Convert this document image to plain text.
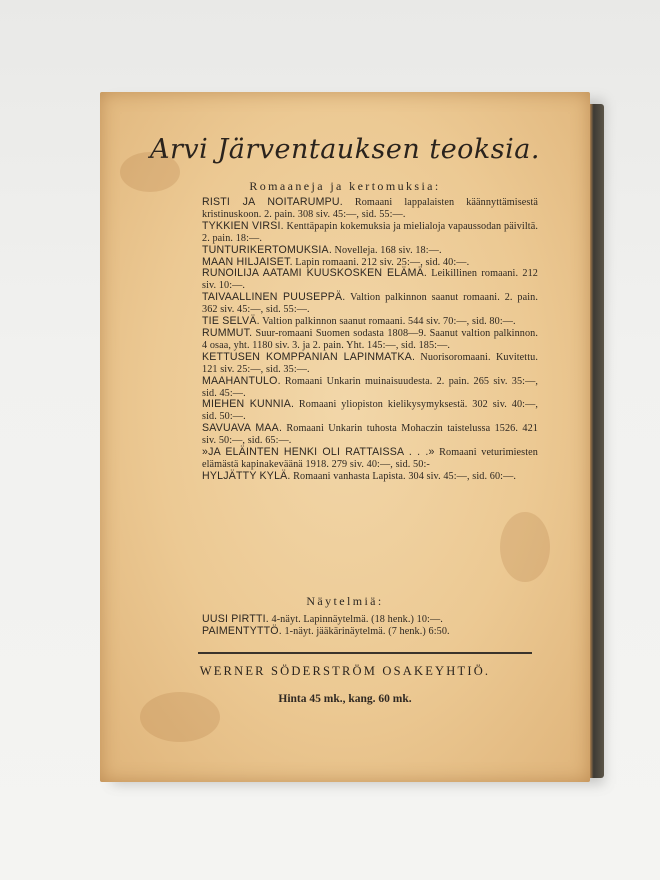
Arvi Järventauksen teoksia.
Romaaneja ja kertomuksia:

RISTI JA NOITARUMPU. Romaani lappalaisten käännyttämisestä kristinuskoon. 2. pain. 308 siv. 45:—, sid. 55:—.

TYKKIEN VIRSI. Kenttäpapin kokemuksia ja mielialoja vapaussodan päiviltä. 2. pain. 18:—.

TUNTURIKERTOMUKSIA. Novelleja. 168 siv. 18:—.

MAAN HILJAISET. Lapin romaani. 212 siv. 25:—, sid. 40:—.

RUNOILIJA AATAMI KUUSKOSKEN ELÄMÄ. Leikillinen romaani. 212 siv. 10:—.

TAIVAALLINEN PUUSEPPÄ. Valtion palkinnon saanut romaani. 2. pain. 362 siv. 45:—, sid. 55:—.

TIE SELVÄ. Valtion palkinnon saanut romaani. 544 siv. 70:—, sid. 80:—.

RUMMUT. Suur-romaani Suomen sodasta 1808—9. Saanut valtion palkinnon. 4 osaa, yht. 1180 siv. 3. ja 2. pain. Yht. 145:—, sid. 185:—.

KETTUSEN KOMPPANIAN LAPINMATKA. Nuorisoromaani. Kuvitettu. 121 siv. 25:—, sid. 35:—.

MAAHANTULO. Romaani Unkarin muinaisuudesta. 2. pain. 265 siv. 35:—, sid. 45:—.

MIEHEN KUNNIA. Romaani yliopiston kielikysymyksestä. 302 siv. 40:—, sid. 50:—.

SAVUAVA MAA. Romaani Unkarin tuhosta Mohaczin taistelussa 1526. 421 siv. 50:—, sid. 65:—.

»JA ELÄINTEN HENKI OLI RATTAISSA . . .» Romaani veturimiesten elämästä kapinakeväänä 1918. 279 siv. 40:—, sid. 50:-

HYLJÄTTY KYLÄ. Romaani vanhasta Lapista. 304 siv. 45:—, sid. 60:—.

Näytelmiä:

UUSI PIRTTI. 4-näyt. Lapinnäytelmä. (18 henk.) 10:—.

PAIMENTYTTÖ. 1-näyt. jääkärinäytelmä. (7 henk.) 6:50.

WERNER SÖDERSTRÖM OSAKEYHTIÖ.
Hinta 45 mk., kang. 60 mk.
